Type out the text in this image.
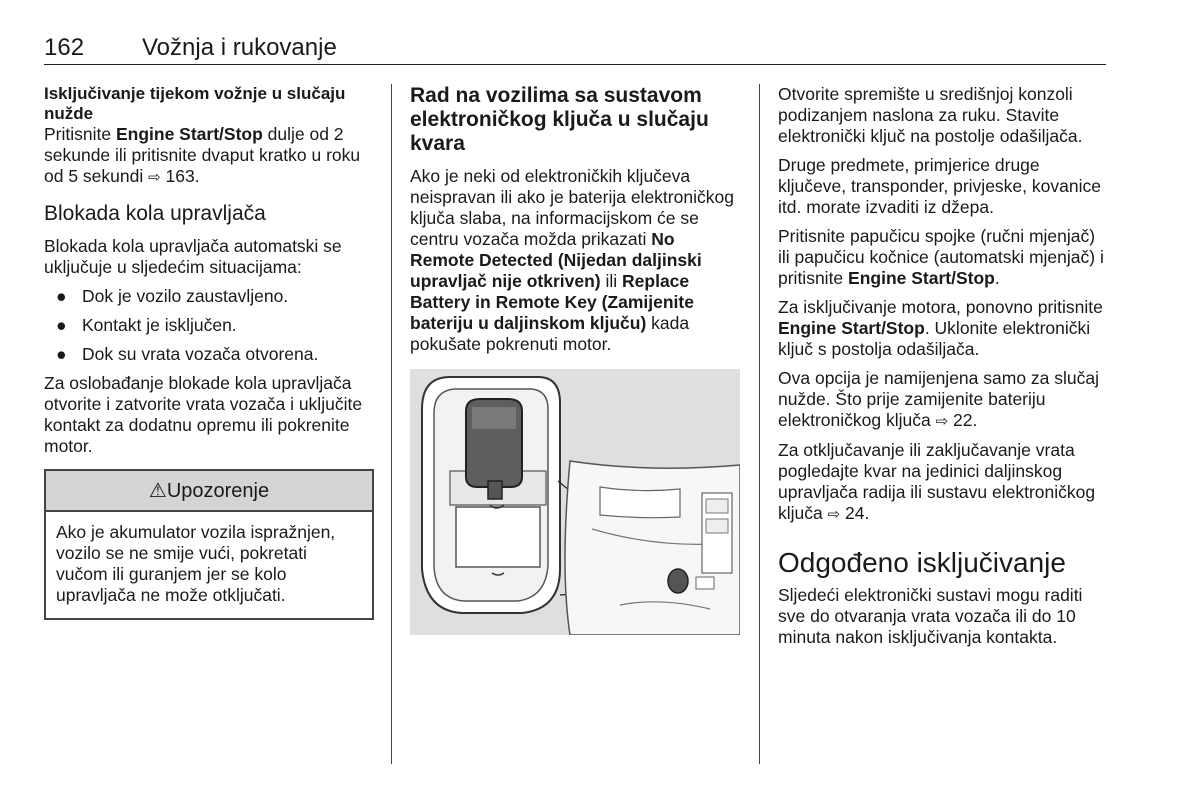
162 Vožnja i rukovanje

Isključivanje tijekom vožnje u slučaju nužde

Pritisnite Engine Start/Stop dulje od 2 sekunde ili pritisnite dvaput kratko u roku od 5 sekundi ⇨ 163.

Blokada kola upravljača

Blokada kola upravljača automatski se uključuje u sljedećim situacijama:

● Dok je vozilo zaustavljeno.
● Kontakt je isključen.
● Dok su vrata vozača otvorena.

Za oslobađanje blokade kola upravljača otvorite i zatvorite vrata vozača i uključite kontakt za dodatnu opremu ili pokrenite motor.

⚠Upozorenje
Ako je akumulator vozila ispražnjen, vozilo se ne smije vući, pokretati vučom ili guranjem jer se kolo upravljača ne može otključati.
Rad na vozilima sa sustavom elektroničkog ključa u slučaju kvara

Ako je neki od elektroničkih ključeva neispravan ili ako je baterija elektroničkog ključa slaba, na informacijskom će se centru vozača možda prikazati No Remote Detected (Nijedan daljinski upravljač nije otkriven) ili Replace Battery in Remote Key (Zamijenite bateriju u daljinskom ključu) kada pokušate pokrenuti motor.

Otvorite spremište u središnjoj konzoli podizanjem naslona za ruku. Stavite elektronički ključ na postolje odašiljača.

Druge predmete, primjerice druge ključeve, transponder, privjeske, kovanice itd. morate izvaditi iz džepa.

Pritisnite papučicu spojke (ručni mjenjač) ili papučicu kočnice (automatski mjenjač) i pritisnite Engine Start/Stop.

Za isključivanje motora, ponovno pritisnite Engine Start/Stop. Uklonite elektronički ključ s postolja odašiljača.

Ova opcija je namijenjena samo za slučaj nužde. Što prije zamijenite bateriju elektroničkog ključa ⇨ 22.

Za otključavanje ili zaključavanje vrata pogledajte kvar na jedinici daljinskog upravljača radija ili sustavu elektroničkog ključa ⇨ 24.

Odgođeno isključivanje

Sljedeći elektronički sustavi mogu raditi sve do otvaranja vrata vozača ili do 10 minuta nakon isključivanja kontakta.
